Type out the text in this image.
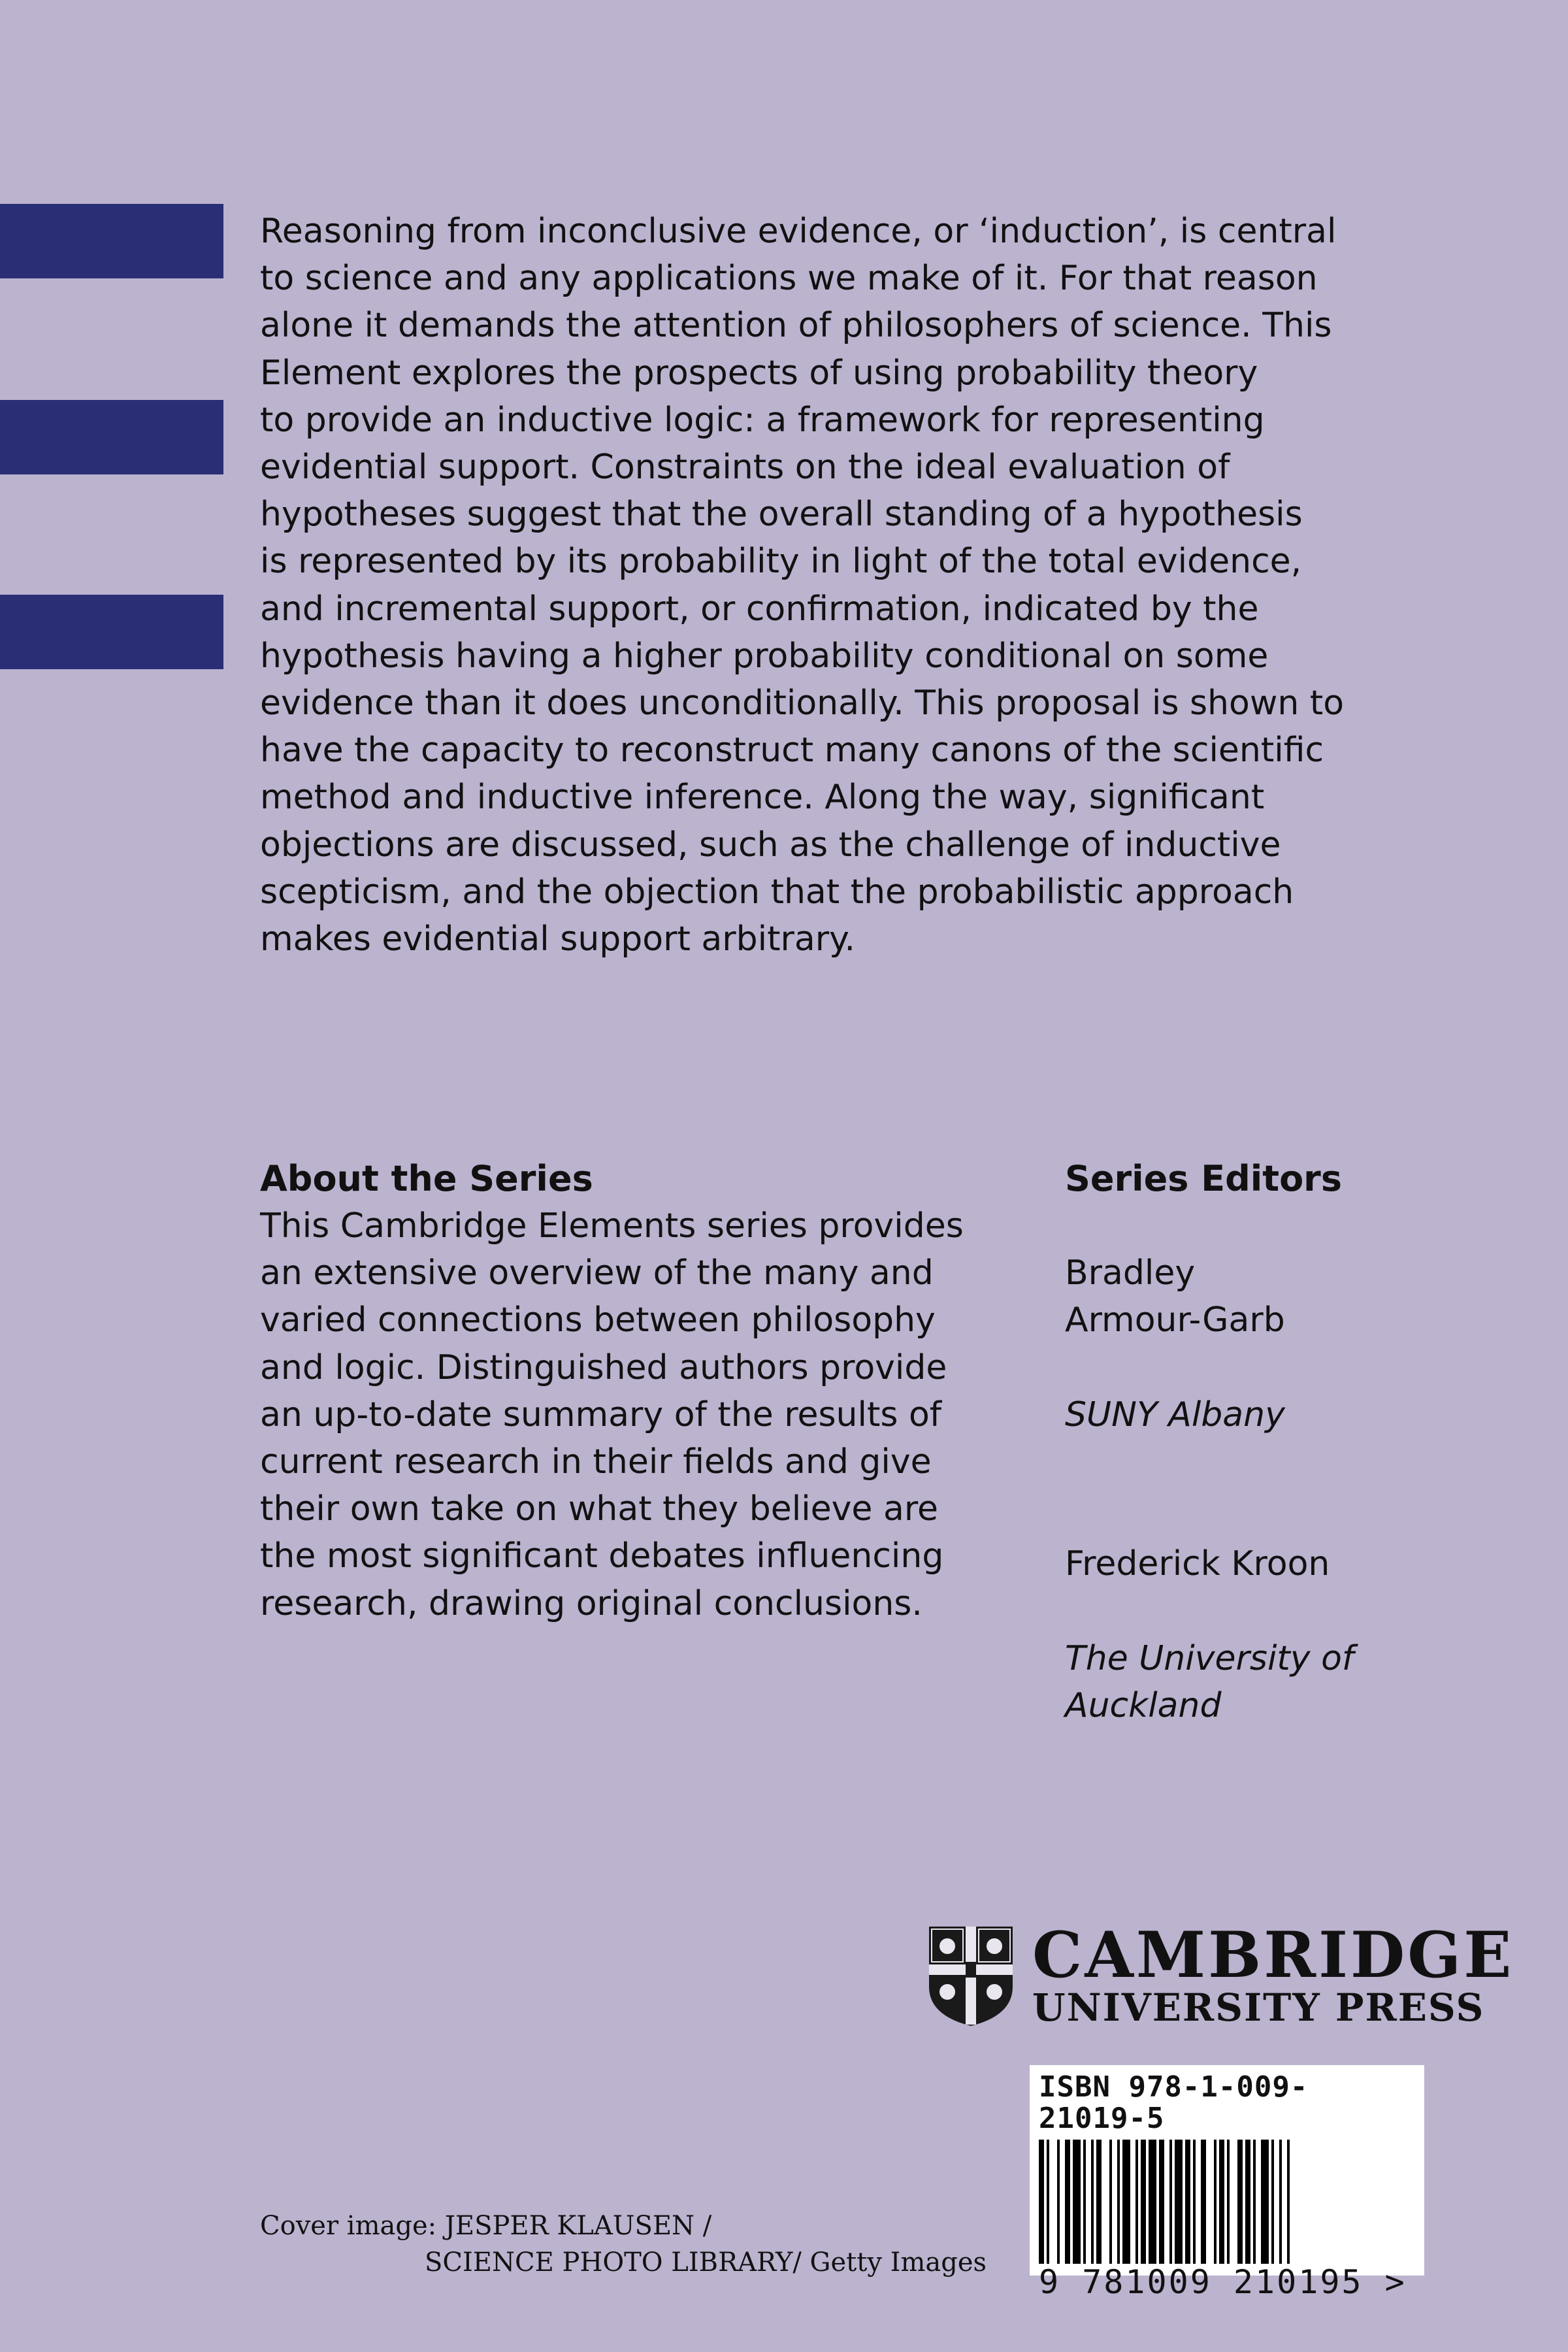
Reasoning from inconclusive evidence, or ‘induction’, is central
to science and any applications we make of it. For that reason
alone it demands the attention of philosophers of science. This
Element explores the prospects of using probability theory
to provide an inductive logic: a framework for representing
evidential support. Constraints on the ideal evaluation of
hypotheses suggest that the overall standing of a hypothesis
is represented by its probability in light of the total evidence,
and incremental support, or confirmation, indicated by the
hypothesis having a higher probability conditional on some
evidence than it does unconditionally. This proposal is shown to
have the capacity to reconstruct many canons of the scientific
method and inductive inference. Along the way, significant
objections are discussed, such as the challenge of inductive
scepticism, and the objection that the probabilistic approach
makes evidential support arbitrary.

About the Series

This Cambridge Elements series provides
an extensive overview of the many and
varied connections between philosophy
and logic. Distinguished authors provide
an up-to-date summary of the results of
current research in their fields and give
their own take on what they believe are
the most significant debates influencing
research, drawing original conclusions.

Series Editors

Bradley
Armour-Garb

SUNY Albany

Frederick Kroon

The University of
Auckland

CAMBRIDGE
UNIVERSITY PRESS
ISBN 978-1-009-21019-5
9 781009 210195 >
Cover image: JESPER KLAUSEN /
SCIENCE PHOTO LIBRARY/ Getty Images
